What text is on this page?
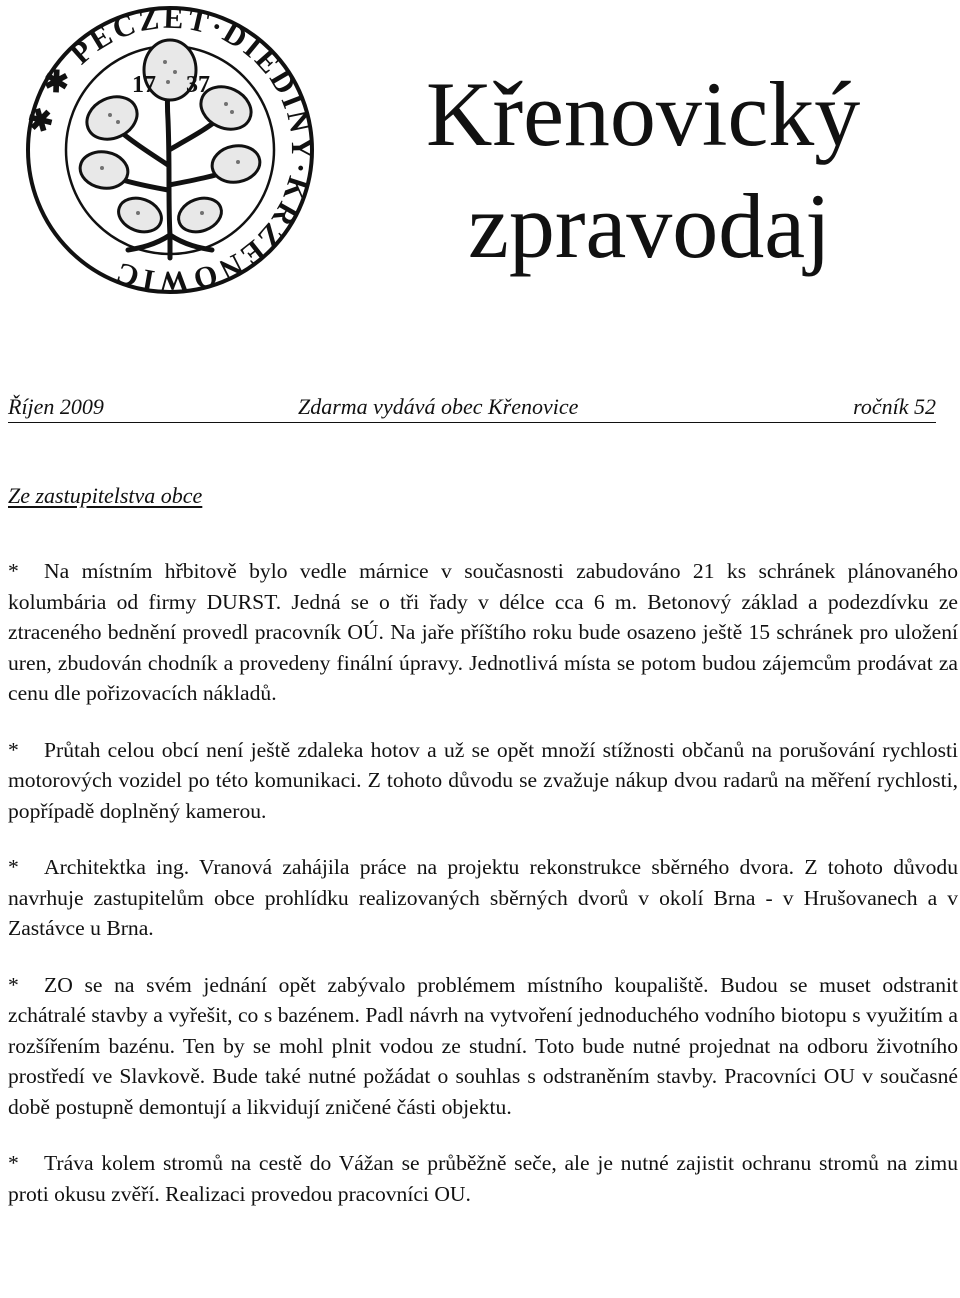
✱ ✱ PECZET·DIEDINY·KRZENOWIC
17 37 Křenovický
zpravodaj
Říjen 2009	Zdarma vydává obec Křenovice	ročník 52
Ze zastupitelstva obce

* Na místním hřbitově bylo vedle márnice v současnosti zabudováno 21 ks schránek plánovaného kolumbária od firmy DURST. Jedná se o tři řady v délce cca 6 m. Betonový základ a podezdívku ze ztraceného bednění provedl pracovník OÚ. Na jaře příštího roku bude osazeno ještě 15 schránek pro uložení uren, zbudován chodník a provedeny finální úpravy. Jednotlivá místa se potom budou zájemcům prodávat za cenu dle pořizovacích nákladů.

* Průtah celou obcí není ještě zdaleka hotov a už se opět množí stížnosti občanů na porušování rychlosti motorových vozidel po této komunikaci. Z tohoto důvodu se zvažuje nákup dvou radarů na měření rychlosti, popřípadě doplněný kamerou.

* Architektka ing. Vranová zahájila práce na projektu rekonstrukce sběrného dvora. Z tohoto důvodu navrhuje zastupitelům obce prohlídku realizovaných sběrných dvorů v okolí Brna - v Hrušovanech a v Zastávce u Brna.

* ZO se na svém jednání opět zabývalo problémem místního koupaliště. Budou se muset odstranit zchátralé stavby a vyřešit, co s bazénem. Padl návrh na vytvoření jednoduchého vodního biotopu s využitím a rozšířením bazénu. Ten by se mohl plnit vodou ze studní. Toto bude nutné projednat na odboru životního prostředí ve Slavkově. Bude také nutné požádat o souhlas s odstraněním stavby. Pracovníci OU v současné době postupně demontují a likvidují zničené části objektu.

* Tráva kolem stromů na cestě do Vážan se průběžně seče, ale je nutné zajistit ochranu stromů na zimu proti okusu zvěří. Realizaci provedou pracovníci OU.
